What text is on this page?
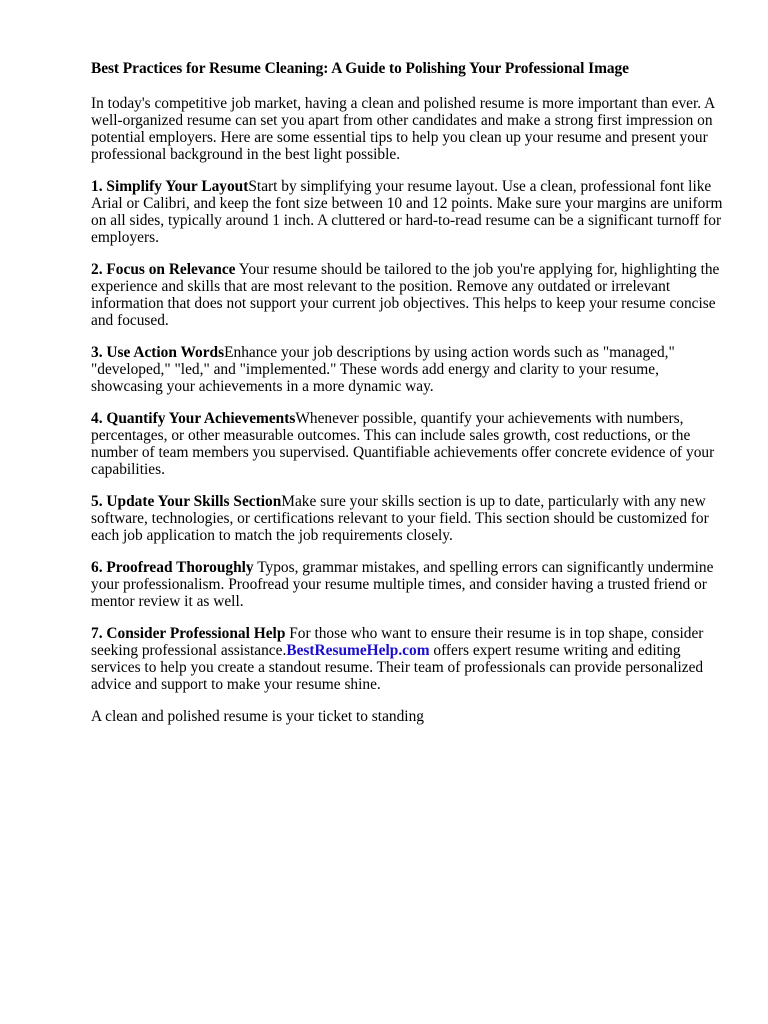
Best Practices for Resume Cleaning: A Guide to Polishing Your Professional Image

In today's competitive job market, having a clean and polished resume is more important than ever. A well-organized resume can set you apart from other candidates and make a strong first impression on potential employers. Here are some essential tips to help you clean up your resume and present your professional background in the best light possible.

1. Simplify Your LayoutStart by simplifying your resume layout. Use a clean, professional font like Arial or Calibri, and keep the font size between 10 and 12 points. Make sure your margins are uniform on all sides, typically around 1 inch. A cluttered or hard-to-read resume can be a significant turnoff for employers.

2. Focus on Relevance Your resume should be tailored to the job you're applying for, highlighting the experience and skills that are most relevant to the position. Remove any outdated or irrelevant information that does not support your current job objectives. This helps to keep your resume concise and focused.

3. Use Action WordsEnhance your job descriptions by using action words such as "managed," "developed," "led," and "implemented." These words add energy and clarity to your resume, showcasing your achievements in a more dynamic way.

4. Quantify Your AchievementsWhenever possible, quantify your achievements with numbers, percentages, or other measurable outcomes. This can include sales growth, cost reductions, or the number of team members you supervised. Quantifiable achievements offer concrete evidence of your capabilities.

5. Update Your Skills SectionMake sure your skills section is up to date, particularly with any new software, technologies, or certifications relevant to your field. This section should be customized for each job application to match the job requirements closely.

6. Proofread Thoroughly Typos, grammar mistakes, and spelling errors can significantly undermine your professionalism. Proofread your resume multiple times, and consider having a trusted friend or mentor review it as well.

7. Consider Professional Help For those who want to ensure their resume is in top shape, consider seeking professional assistance.BestResumeHelp.com offers expert resume writing and editing services to help you create a standout resume. Their team of professionals can provide personalized advice and support to make your resume shine.

A clean and polished resume is your ticket to standing
